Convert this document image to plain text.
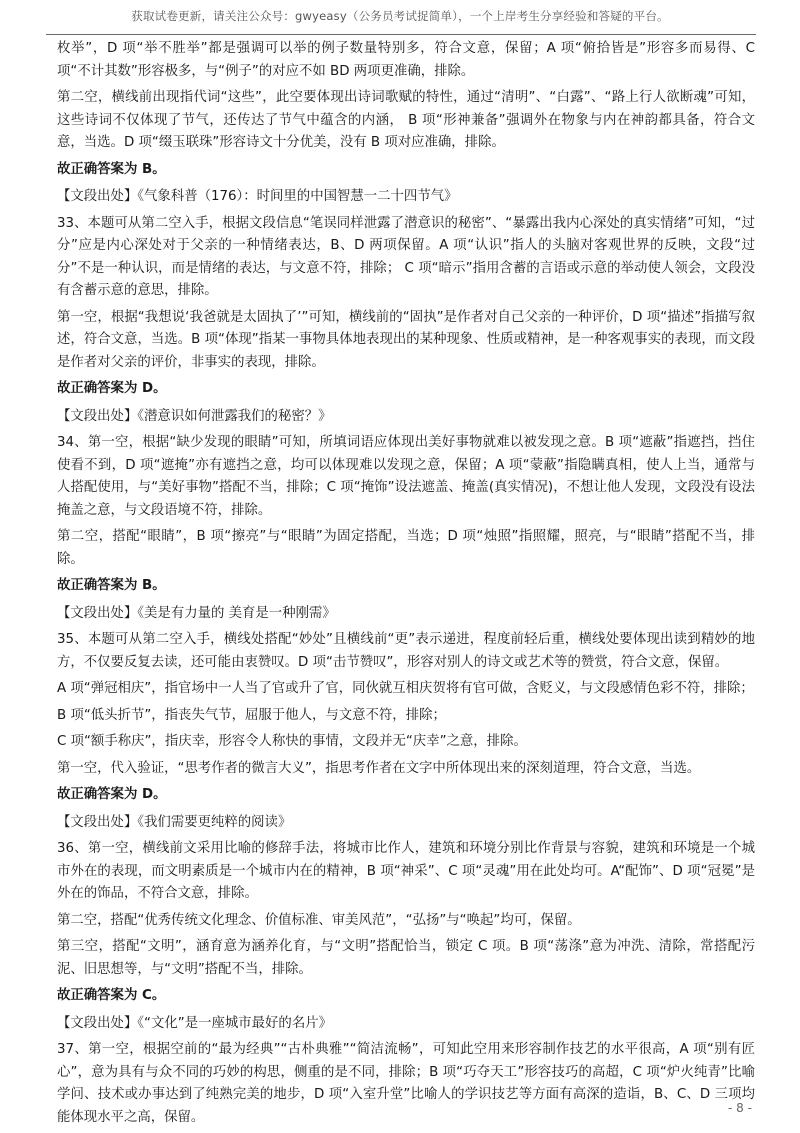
获取试卷更新，请关注公众号：gwyeasy（公务员考试捉简单），一个上岸考生分享经验和答疑的平台。

枚举”，D 项“举不胜举”都是强调可以举的例子数量特别多，符合文意，保留；A 项“俯拾皆是”形容多而易得、C 项“不计其数”形容极多，与“例子”的对应不如 BD 两项更准确，排除。

第二空，横线前出现指代词“这些”，此空要体现出诗词歌赋的特性，通过“清明”、“白露”、“路上行人欲断魂”可知，这些诗词不仅体现了节气，还传达了节气中蕴含的内涵， B 项“形神兼备”强调外在物象与内在神韵都具备，符合文意，当选。D 项“缀玉联珠”形容诗文十分优美，没有 B 项对应准确，排除。

故正确答案为 B。

【文段出处】《气象科普（176）：时间里的中国智慧一二十四节气》

33、本题可从第二空入手，根据文段信息“笔误同样泄露了潜意识的秘密”、“暴露出我内心深处的真实情绪”可知，“过分”应是内心深处对于父亲的一种情绪表达，B、D 两项保留。A 项“认识”指人的头脑对客观世界的反映，文段“过分”不是一种认识，而是情绪的表达，与文意不符，排除； C 项“暗示”指用含蓄的言语或示意的举动使人领会，文段没有含蓄示意的意思，排除。

第一空，根据“我想说‘我爸就是太固执了’”可知，横线前的“固执”是作者对自己父亲的一种评价，D 项“描述”指描写叙述，符合文意，当选。B 项“体现”指某一事物具体地表现出的某种现象、性质或精神，是一种客观事实的表现，而文段是作者对父亲的评价，非事实的表现，排除。

故正确答案为 D。

【文段出处】《潜意识如何泄露我们的秘密？》

34、第一空，根据“缺少发现的眼睛”可知，所填词语应体现出美好事物就难以被发现之意。B 项“遮蔽”指遮挡，挡住使看不到，D 项“遮掩”亦有遮挡之意，均可以体现难以发现之意，保留；A 项“蒙蔽”指隐瞒真相，使人上当，通常与人搭配使用，与“美好事物”搭配不当，排除；C 项“掩饰”设法遮盖、掩盖(真实情况)，不想让他人发现，文段没有设法掩盖之意，与文段语境不符，排除。

第二空，搭配“眼睛”，B 项“擦亮”与“眼睛”为固定搭配，当选；D 项“烛照”指照耀，照亮，与“眼睛”搭配不当，排除。

故正确答案为 B。

【文段出处】《美是有力量的 美育是一种刚需》

35、本题可从第二空入手，横线处搭配“妙处”且横线前“更”表示递进，程度前轻后重，横线处要体现出读到精妙的地方，不仅要反复去读，还可能由衷赞叹。D 项“击节赞叹”，形容对别人的诗文或艺术等的赞赏，符合文意，保留。

A 项“弹冠相庆”，指官场中一人当了官或升了官，同伙就互相庆贺将有官可做，含贬义，与文段感情色彩不符，排除；

B 项“低头折节”，指丧失气节，屈服于他人，与文意不符，排除；

C 项“额手称庆”，指庆幸，形容令人称快的事情，文段并无“庆幸”之意，排除。

第一空，代入验证，“思考作者的微言大义”，指思考作者在文字中所体现出来的深刻道理，符合文意，当选。

故正确答案为 D。

【文段出处】《我们需要更纯粹的阅读》

36、第一空，横线前文采用比喻的修辞手法，将城市比作人，建筑和环境分别比作背景与容貌，建筑和环境是一个城市外在的表现，而文明素质是一个城市内在的精神，B 项“神采”、C 项“灵魂”用在此处均可。A“配饰”、D 项“冠冕”是外在的饰品，不符合文意，排除。

第二空，搭配“优秀传统文化理念、价值标准、审美风范”，“弘扬”与“唤起”均可，保留。

第三空，搭配“文明”，涵育意为涵养化育，与“文明”搭配恰当，锁定 C 项。B 项“荡涤”意为冲洗、清除，常搭配污泥、旧思想等，与“文明”搭配不当，排除。

故正确答案为 C。

【文段出处】《“文化”是一座城市最好的名片》

37、第一空，根据空前的“最为经典”“古朴典雅”“简洁流畅”，可知此空用来形容制作技艺的水平很高，A 项“别有匠心”，意为具有与众不同的巧妙的构思，侧重的是不同，排除；B 项“巧夺天工”形容技巧的高超，C 项“炉火纯青”比喻学问、技术或办事达到了纯熟完美的地步，D 项“入室升堂”比喻人的学识技艺等方面有高深的造诣，B、C、D 三项均能体现水平之高，保留。

- 8 -
